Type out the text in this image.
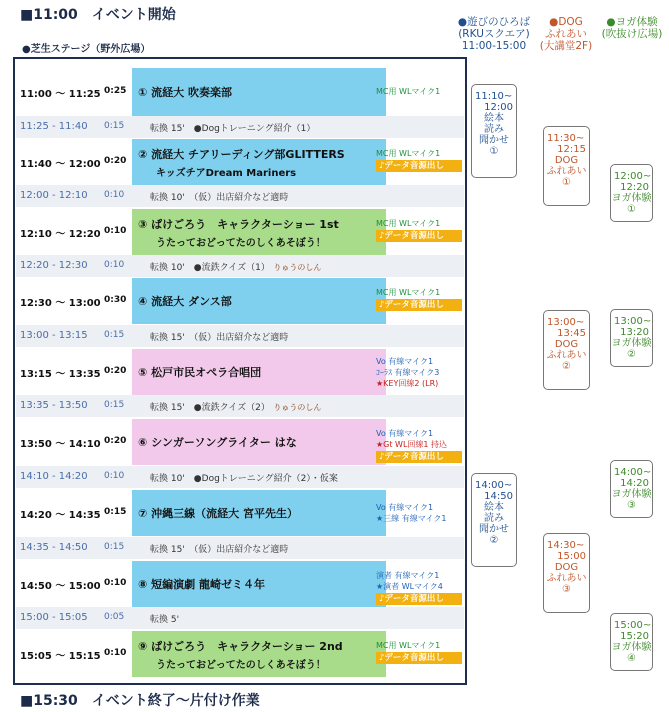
■11:00　イベント開始
●芝生ステージ（野外広場）
●遊びのひろば
(RKUスクエア)
11:00-15:00
●DOG
ふれあい
(大講堂2F)
●ヨガ体験
(吹抜け広場)
11:00 ～ 11:25 0:25 ① 流経大 吹奏楽部	MC用 WLマイク1
11:25 - 11:40 0:15	転換 15'　●Dogトレーニング紹介（1）
11:40 ～ 12:00 0:20 ② 流経大 チアリーディング部GLITTERS
キッズチアDream Mariners
MC用 WLマイク1
♪データ音源出し
12:00 - 12:10 0:10	転換 10'　（仮）出店紹介など適時
12:10 ～ 12:20 0:10 ③ ぱけごろう　キャラクターショー 1st
うたっておどってたのしくあそぼう！
MC用 WLマイク1
♪データ音源出し
12:20 - 12:30 0:10	転換 10'　●流鉄クイズ（1）　りゅうのしん
12:30 ～ 13:00 0:30 ④ 流経大 ダンス部
MC用 WLマイク1
♪データ音源出し
13:00 - 13:15 0:15	転換 15'　（仮）出店紹介など適時
13:15 ～ 13:35 0:20 ⑤ 松戸市民オペラ合唱団
Vo 有線マイク1
ｺｰﾗｽ 有線マイク3
★KEY回線2 (LR)
13:35 - 13:50 0:15	転換 15'　●流鉄クイズ（2）　りゅうのしん
13:50 ～ 14:10 0:20 ⑥ シンガーソングライター はな
Vo 有線マイク1
★Gt WL回線1 持込
♪データ音源出し
14:10 - 14:20 0:10	転換 10'　●Dogトレーニング紹介（2）・仮案
14:20 ～ 14:35 0:15 ⑦ 沖縄三線（流経大 宮平先生）	Vo 有線マイク1
★三線 有線マイク1
14:35 - 14:50 0:15	転換 15'　（仮）出店紹介など適時
14:50 ～ 15:00 0:10 ⑧ 短編演劇 龍崎ゼミ４年
演者 有線マイク1
★演者 WLマイク4
♪データ音源出し
15:00 - 15:05 0:05	転換 5'　
15:05 ～ 15:15 0:10 ⑨ ぱけごろう　キャラクターショー 2nd
うたっておどってたのしくあそぼう！
MC用 WLマイク1
♪データ音源出し
11:10~
12:00
絵本
読み
聞かせ
①
14:00~
14:50
絵本
読み
聞かせ
②
11:30~
12:15
DOG
ふれあい
①
13:00~
13:45
DOG
ふれあい
②
14:30~
15:00
DOG
ふれあい
③
12:00~
12:20
ヨガ体験
①
13:00~
13:20
ヨガ体験
②
14:00~
14:20
ヨガ体験
③
15:00~
15:20
ヨガ体験
④
■15:30　イベント終了～片付け作業
